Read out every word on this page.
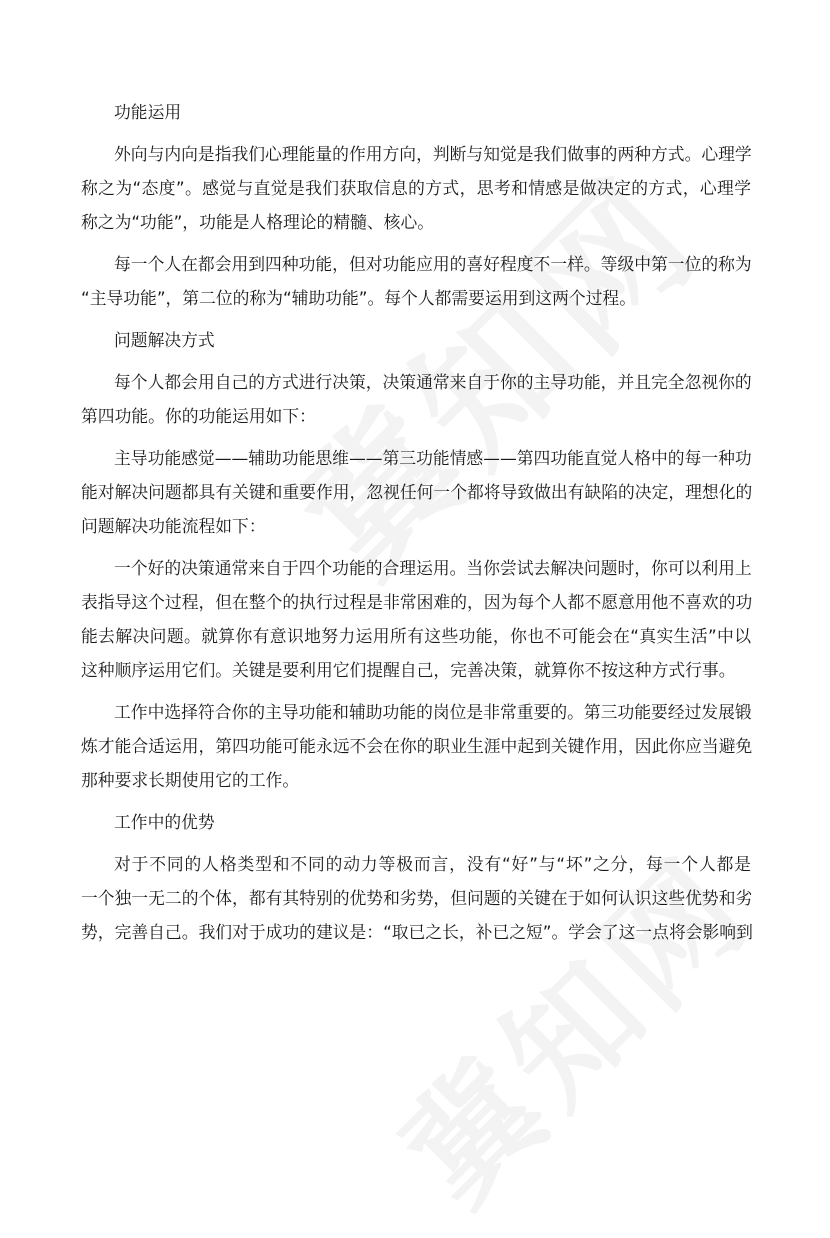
功能运用
外向与内向是指我们心理能量的作用方向，判断与知觉是我们做事的两种方式。心理学
称之为“态度”。感觉与直觉是我们获取信息的方式，思考和情感是做决定的方式，心理学
称之为“功能”，功能是人格理论的精髓、核心。
每一个人在都会用到四种功能，但对功能应用的喜好程度不一样。等级中第一位的称为
“主导功能”，第二位的称为“辅助功能”。每个人都需要运用到这两个过程。
问题解决方式
每个人都会用自己的方式进行决策，决策通常来自于你的主导功能，并且完全忽视你的
第四功能。你的功能运用如下：
主导功能感觉——辅助功能思维——第三功能情感——第四功能直觉人格中的每一种功
能对解决问题都具有关键和重要作用，忽视任何一个都将导致做出有缺陷的决定，理想化的
问题解决功能流程如下：
一个好的决策通常来自于四个功能的合理运用。当你尝试去解决问题时，你可以利用上
表指导这个过程，但在整个的执行过程是非常困难的，因为每个人都不愿意用他不喜欢的功
能去解决问题。就算你有意识地努力运用所有这些功能，你也不可能会在“真实生活”中以
这种顺序运用它们。关键是要利用它们提醒自己，完善决策，就算你不按这种方式行事。
工作中选择符合你的主导功能和辅助功能的岗位是非常重要的。第三功能要经过发展锻
炼才能合适运用，第四功能可能永远不会在你的职业生涯中起到关键作用，因此你应当避免
那种要求长期使用它的工作。
工作中的优势
对于不同的人格类型和不同的动力等极而言，没有“好”与“坏”之分，每一个人都是
一个独一无二的个体，都有其特别的优势和劣势，但问题的关键在于如何认识这些优势和劣
势，完善自己。我们对于成功的建议是：“取已之长，补已之短”。学会了这一点将会影响到
